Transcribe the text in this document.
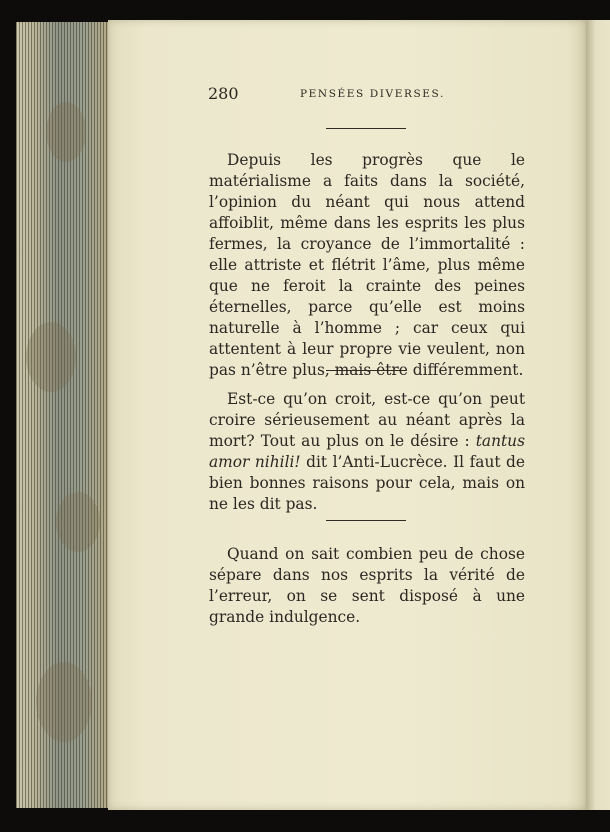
280	PENSÉES DIVERSES.

Depuis les progrès que le matérialisme a faits dans la société, l’opinion du néant qui nous attend affoiblit, même dans les esprits les plus fermes, la croyance de l’immortalité : elle attriste et flétrit l’âme, plus même que ne feroit la crainte des peines éternelles, parce qu’elle est moins naturelle à l’homme ; car ceux qui attentent à leur propre vie veulent, non pas n’être plus, mais être différemment.

Est-ce qu’on croit, est-ce qu’on peut croire sérieusement au néant après la mort? Tout au plus on le désire : tantus amor nihili! dit l’Anti-Lucrèce. Il faut de bien bonnes raisons pour cela, mais on ne les dit pas.

Quand on sait combien peu de chose sépare dans nos esprits la vérité de l’erreur, on se sent disposé à une grande indulgence.
